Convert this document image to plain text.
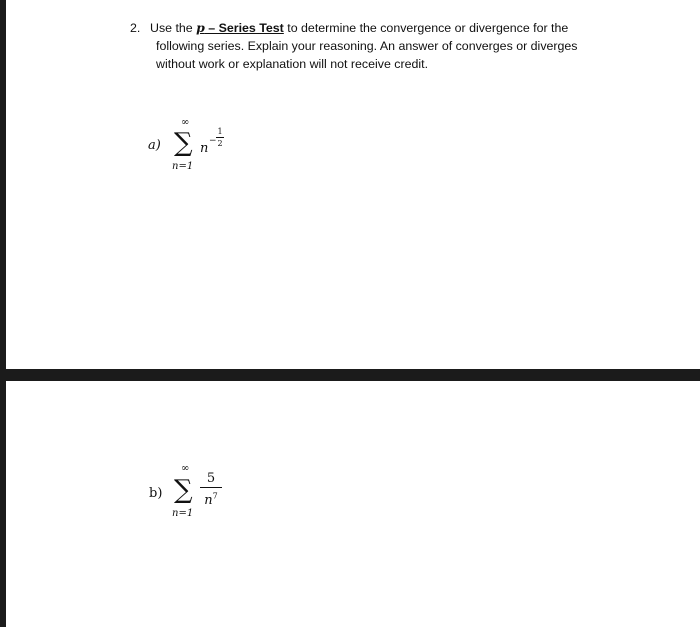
2. Use the p – Series Test to determine the convergence or divergence for the
following series. Explain your reasoning. An answer of converges or diverges
without work or explanation will not receive credit.
a)
∞
∑
n=1
n −
1
2
b)
∞
∑
n=1
5
$n^7$
